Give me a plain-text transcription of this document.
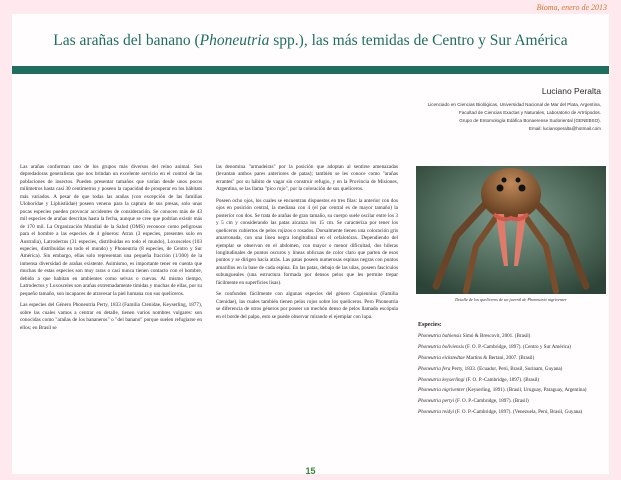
Bioma, enero de 2013
Las arañas del banano (Phoneutria spp.), las más temidas de Centro y Sur América
Luciano Peralta
Licenciado en Ciencias Biológicas, Universidad Nacional de Mar del Plata, Argentina,
Facultad de Ciencias Exactas y Naturales, Laboratorio de Artrópodos.
Grupo de Entomología Edáfica Bonaerense Sudoriental (GENEBSO).
Email: lucianoperalta@hotmail.com

Las arañas conforman uno de los grupos más diversos del reino animal. Son depredadoras generalistas que nos brindan un excelente servicio en el control de las poblaciones de insectos. Pueden presentar tamaños que varían desde unos pocos milímetros hasta casi 30 centímetros y poseen la capacidad de prosperar en los hábitats más variados. A pesar de que todas las arañas (con excepción de las familias Uloboridae y Liphistiidae) poseen veneno para la captura de sus presas, solo unas pocas especies pueden provocar accidentes de consideración. Se conocen más de 43 mil especies de arañas descritas hasta la fecha, aunque se cree que podrían existir más de 170 mil. La Organización Mundial de la Salud (OMS) reconoce como peligrosas para el hombre a las especies de 4 géneros: Atrax (3 especies, presentes solo en Australia), Latrodectus (31 especies, distribuidas en todo el mundo), Loxosceles (103 especies, distribuidas en todo el mundo) y Phoneutria (8 especies, de Centro y Sur América). Sin embargo, ellas solo representan una pequeña fracción (1/300) de la inmensa diversidad de arañas existente. Asimismo, es importante tener en cuenta que muchas de estas especies son muy raras o casi nunca tienen contacto con el hombre, debido a que habitan en ambientes como selvas o cuevas. Al mismo tiempo, Latrodectus y Loxosceles son arañas extremadamente tímidas y muchas de ellas, por su pequeño tamaño, son incapaces de atravesar la piel humana con sus quelíceros.

Las especies del Género Phoneutria Perty, 1833 (Familia Ctenidae, Keyserling, 1877), sobre las cuales vamos a centrar en detalle, tienen varios nombres vulgares: son conocidas como "arañas de los bananeros" o "del banano" porque suelen refugiarse en ellos; en Brasil se

las denomina "armadeiras" por la posición que adoptan al sentirse amenazadas (levantan ambos pares anteriores de patas); también se les conoce como "arañas errantes" por su hábito de vagar sin construir refugio, y en la Provincia de Misiones, Argentina, se las llama "pico rojo", por la coloración de sus quelíceros.

Poseen ocho ojos, los cuales se encuentran dispuestos en tres filas: la anterior con dos ojos en posición central, la mediana con 4 (el par central es de mayor tamaño) la posterior con dos. Se trata de arañas de gran tamaño, su cuerpo suele oscilar entre los 3 y 5 cm y considerando las patas alcanza los 15 cm. Se caracteriza por tener los quelíceros cubiertos de pelos rojizos o rosados. Dorsalmente tienen una coloración gris amarronada, con una línea negra longitudinal en el cefalotórax. Dependiendo del ejemplar se observan en el abdomen, con mayor o menor dificultad, dos hileras longitudinales de puntos oscuros y líneas oblicuas de color claro que parten de esos puntos y se dirigen hacia atrás. Las patas poseen numerosas espinas negras con puntos amarillos en la base de cada espina. En las patas, debajo de las uñas, poseen fascículos subungueales (una estructura formada por densos pelos que les permite trepar fácilmente en superficies lisas).

Se confunden fácilmente con algunas especies del género Cupiennius (Familia Ctenidae), las cuales también tienen pelos rojos sobre los quelíceros. Pero Phoneutria se diferencia de otros géneros por poseer un mechón denso de pelos llamado escópula en el borde del palpo, esto se puede observar mirando el ejemplar con lupa.

Detalle de los quelíceros de un juvenil de Phoneutria nigriventer
Especies:
Phoneutria bahiensis Simó & Brescovit, 2001. (Brasil)
Phoneutria boliviensis (F. O. P.-Cambridge, 1897). (Centro y Sur América)
Phoneutria eickstedtae Martins & Bertani, 2007. (Brasil)
Phoneutria fera Perty, 1833. (Ecuador, Perú, Brasil, Surinam, Guyana)
Phoneutria keyserlingi (F. O. P.-Cambridge, 1897). (Brasil)
Phoneutria nigriventer (Keyserling, 1891). (Brasil, Uruguay, Paraguay, Argentina)
Phoneutria pertyi (F. O. P.-Cambridge, 1897). (Brasil)
Phoneutria reidyi (F. O. P.-Cambridge, 1897). (Venezuela, Perú, Brasil, Guyana)
15
